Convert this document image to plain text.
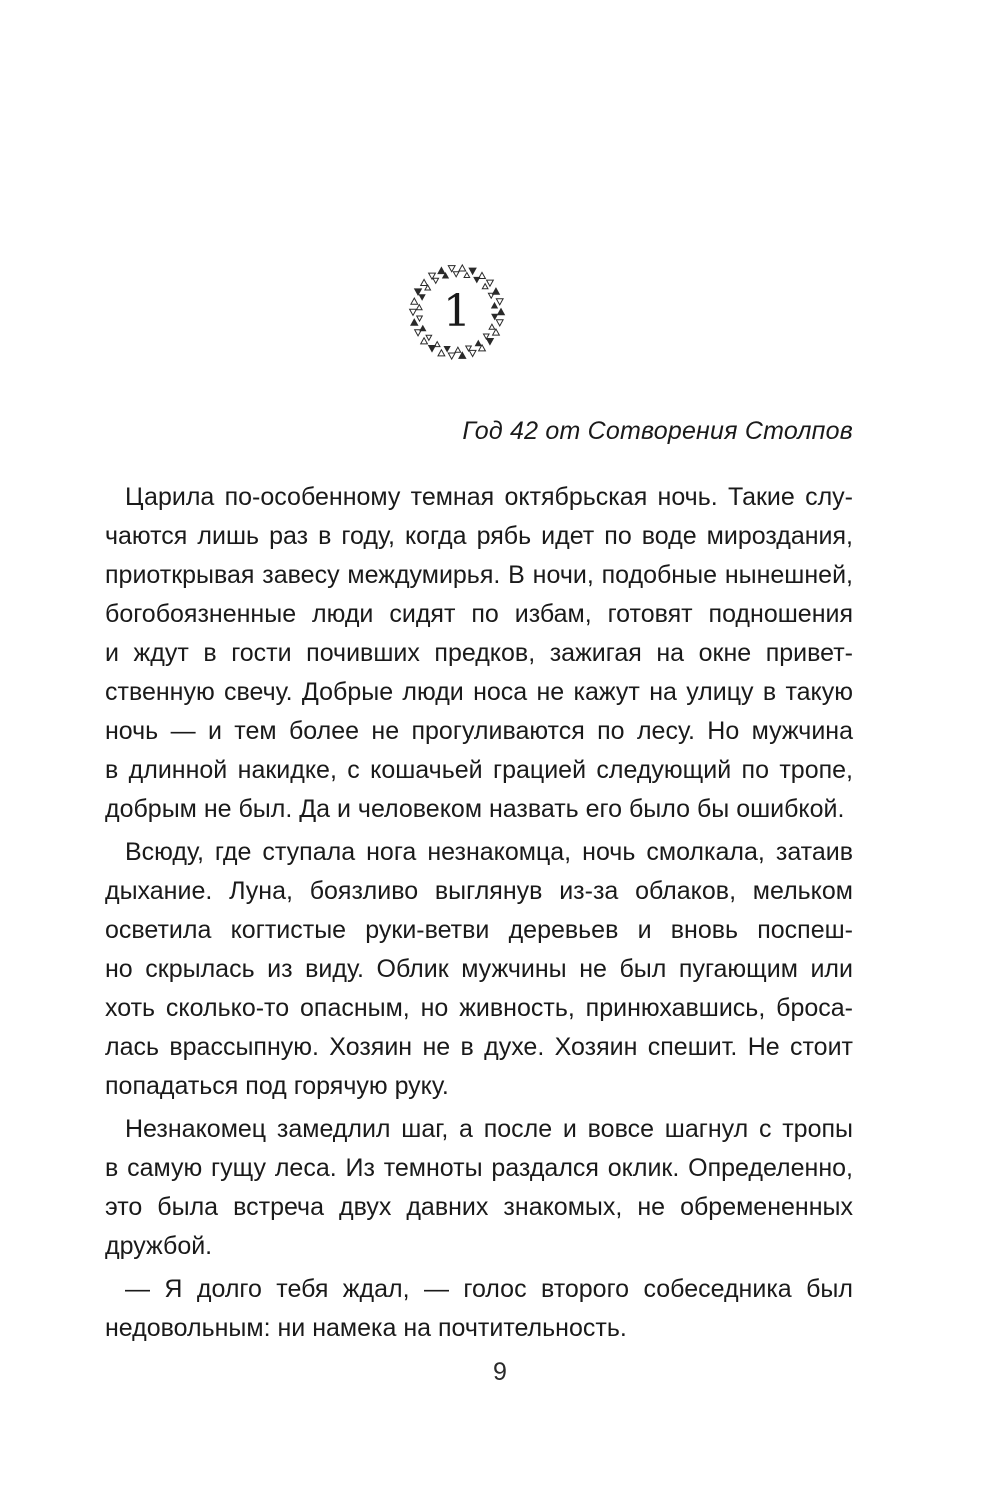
1
Год 42 от Сотворения Столпов
Царила по-особенному темная октябрьская ночь. Такие слу-
чаются лишь раз в году, когда рябь идет по воде мироздания,
приоткрывая завесу междумирья. В ночи, подобные нынешней,
богобоязненные люди сидят по избам, готовят подношения
и ждут в гости почивших предков, зажигая на окне привет-
ственную свечу. Добрые люди носа не кажут на улицу в такую
ночь — и тем более не прогуливаются по лесу. Но мужчина
в длинной накидке, с кошачьей грацией следующий по тропе,
добрым не был. Да и человеком назвать его было бы ошибкой.
Всюду, где ступала нога незнакомца, ночь смолкала, затаив
дыхание. Луна, боязливо выглянув из-за облаков, мельком
осветила когтистые руки-ветви деревьев и вновь поспеш-
но скрылась из виду. Облик мужчины не был пугающим или
хоть сколько-то опасным, но живность, принюхавшись, броса-
лась врассыпную. Хозяин не в духе. Хозяин спешит. Не стоит
попадаться под горячую руку.
Незнакомец замедлил шаг, а после и вовсе шагнул с тропы
в самую гущу леса. Из темноты раздался оклик. Определенно,
это была встреча двух давних знакомых, не обремененных
дружбой.
— Я долго тебя ждал, — голос второго собеседника был
недовольным: ни намека на почтительность.
9
